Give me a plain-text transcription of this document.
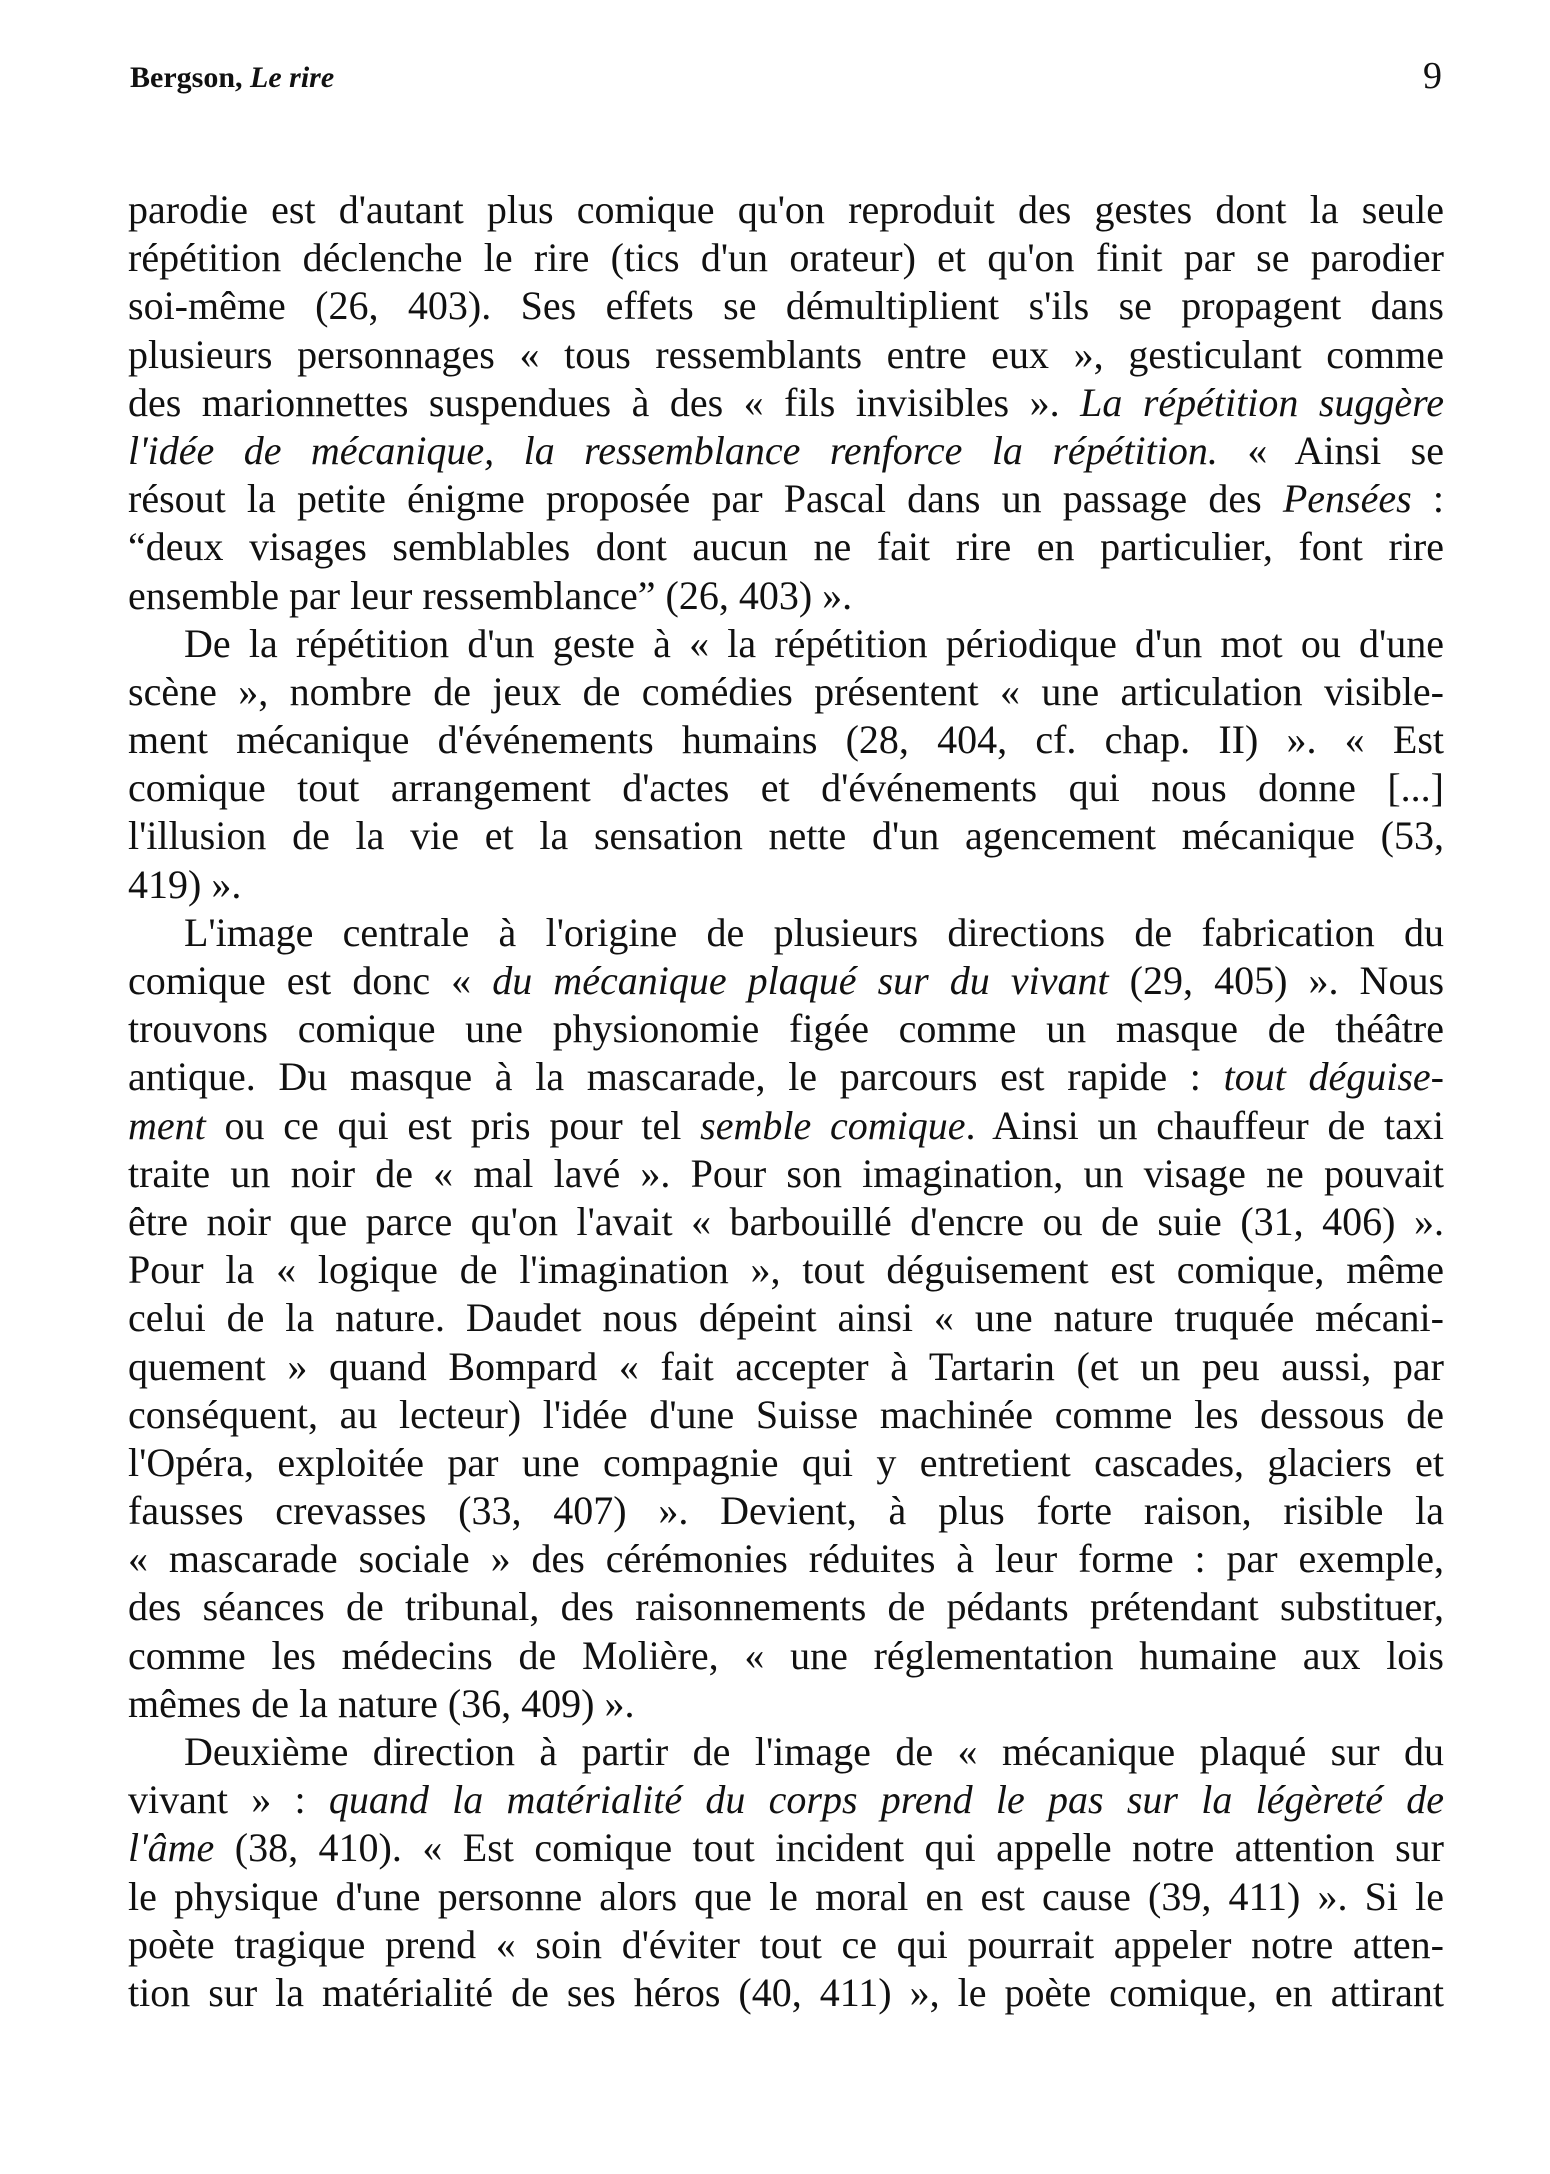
Bergson, Le rire	9
parodie est d'autant plus comique qu'on reproduit des gestes dont la seule
répétition déclenche le rire (tics d'un orateur) et qu'on finit par se parodier
soi-même (26, 403). Ses effets se démultiplient s'ils se propagent dans
plusieurs personnages « tous ressemblants entre eux », gesticulant comme
des marionnettes suspendues à des « fils invisibles ». La répétition suggère
l'idée de mécanique, la ressemblance renforce la répétition. « Ainsi se
résout la petite énigme proposée par Pascal dans un passage des Pensées :
“deux visages semblables dont aucun ne fait rire en particulier, font rire
ensemble par leur ressemblance” (26, 403) ».
De la répétition d'un geste à « la répétition périodique d'un mot ou d'une
scène », nombre de jeux de comédies présentent « une articulation visible-
ment mécanique d'événements humains (28, 404, cf. chap. II) ». « Est
comique tout arrangement d'actes et d'événements qui nous donne [...]
l'illusion de la vie et la sensation nette d'un agencement mécanique (53,
419) ».
L'image centrale à l'origine de plusieurs directions de fabrication du
comique est donc « du mécanique plaqué sur du vivant (29, 405) ». Nous
trouvons comique une physionomie figée comme un masque de théâtre
antique. Du masque à la mascarade, le parcours est rapide : tout déguise-
ment ou ce qui est pris pour tel semble comique. Ainsi un chauffeur de taxi
traite un noir de « mal lavé ». Pour son imagination, un visage ne pouvait
être noir que parce qu'on l'avait « barbouillé d'encre ou de suie (31, 406) ».
Pour la « logique de l'imagination », tout déguisement est comique, même
celui de la nature. Daudet nous dépeint ainsi « une nature truquée mécani-
quement » quand Bompard « fait accepter à Tartarin (et un peu aussi, par
conséquent, au lecteur) l'idée d'une Suisse machinée comme les dessous de
l'Opéra, exploitée par une compagnie qui y entretient cascades, glaciers et
fausses crevasses (33, 407) ». Devient, à plus forte raison, risible la
« mascarade sociale » des cérémonies réduites à leur forme : par exemple,
des séances de tribunal, des raisonnements de pédants prétendant substituer,
comme les médecins de Molière, « une réglementation humaine aux lois
mêmes de la nature (36, 409) ».
Deuxième direction à partir de l'image de « mécanique plaqué sur du
vivant » : quand la matérialité du corps prend le pas sur la légèreté de
l'âme (38, 410). « Est comique tout incident qui appelle notre attention sur
le physique d'une personne alors que le moral en est cause (39, 411) ». Si le
poète tragique prend « soin d'éviter tout ce qui pourrait appeler notre atten-
tion sur la matérialité de ses héros (40, 411) », le poète comique, en attirant
